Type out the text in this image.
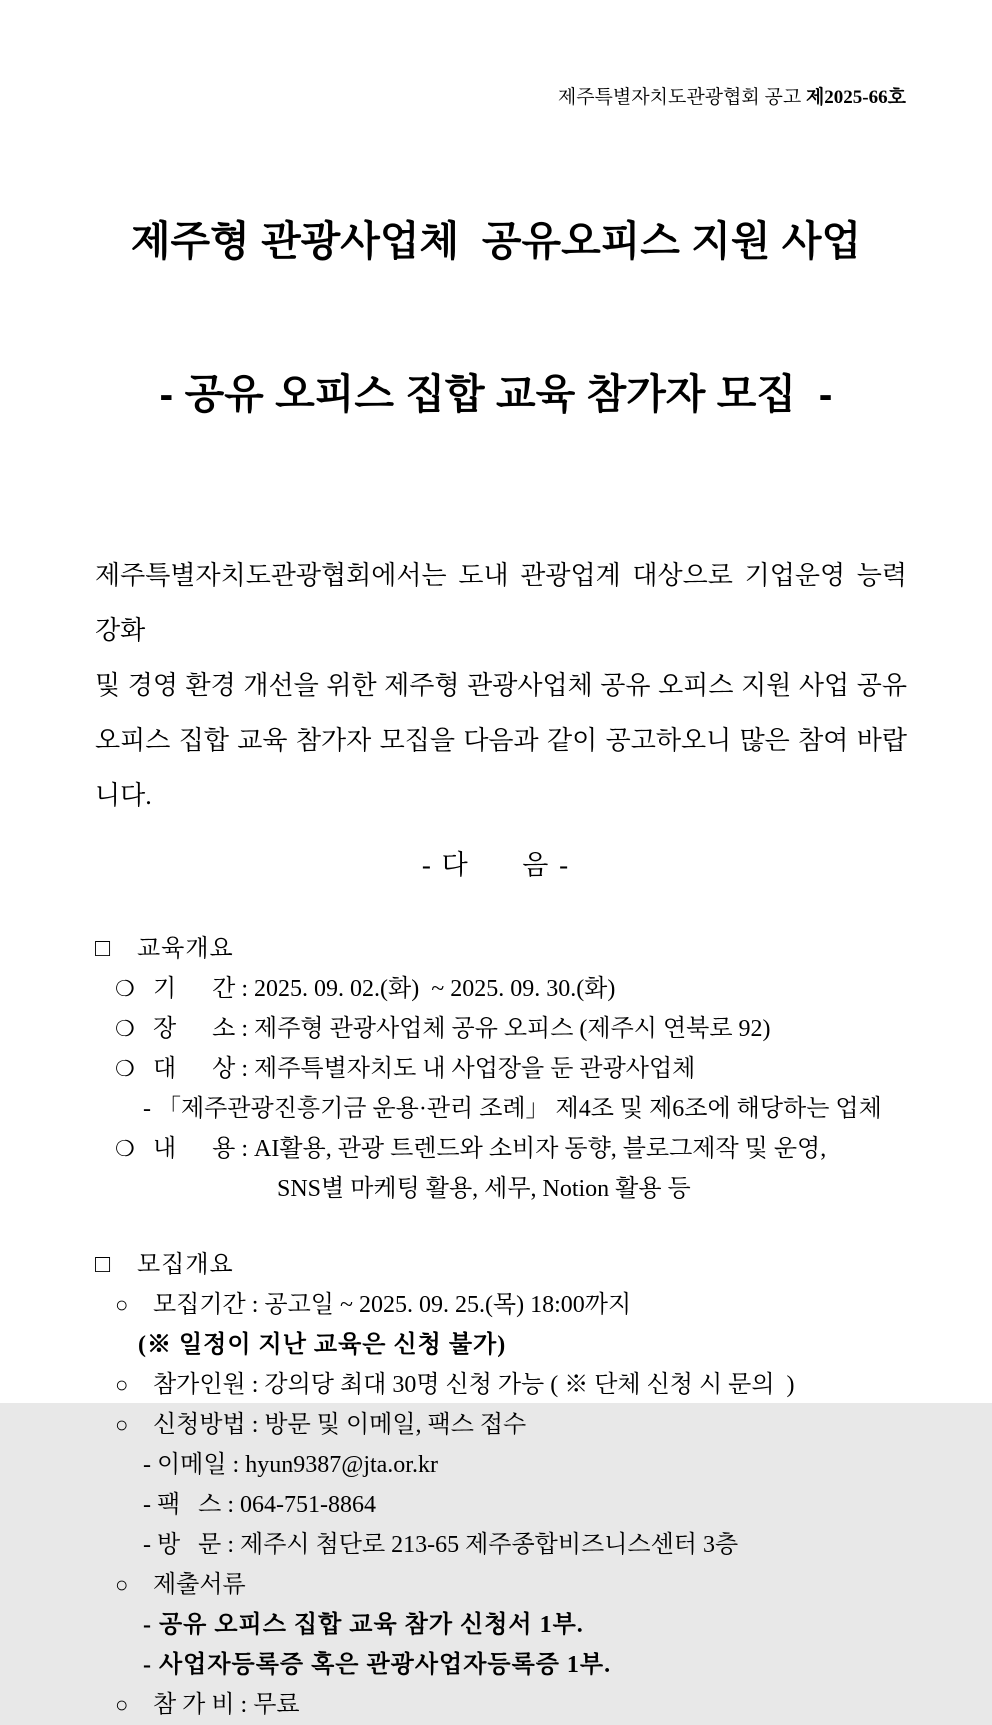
제주특별자치도관광협회 공고 제2025-66호

제주형 관광사업체  공유오피스 지원 사업

- 공유 오피스 집합 교육 참가자 모집  -

제주특별자치도관광협회에서는 도내 관광업계 대상으로 기업운영 능력 강화
및 경영 환경 개선을 위한 제주형 관광사업체 공유 오피스 지원 사업 공유
오피스 집합 교육 참가자 모집을 다음과 같이 공고하오니 많은 참여 바랍니다.
- 다      음 -
□	교육개요
❍ 기      간 : 2025. 09. 02.(화)  ~ 2025. 09. 30.(화)
❍ 장      소 : 제주형 관광사업체 공유 오피스 (제주시 연북로 92)
❍ 대      상 : 제주특별자치도 내 사업장을 둔 관광사업체
- 「제주관광진흥기금 운용·관리 조례」 제4조 및 제6조에 해당하는 업체
❍ 내      용 : AI활용, 관광 트렌드와 소비자 동향, 블로그제작 및 운영,
SNS별 마케팅 활용, 세무, Notion 활용 등
□	모집개요
○	모집기간 : 공고일 ~ 2025. 09. 25.(목) 18:00까지
(※ 일정이 지난 교육은 신청 불가)
○	참가인원 : 강의당 최대 30명 신청 가능 ( ※ 단체 신청 시 문의  )
○	신청방법 : 방문 및 이메일, 팩스 접수
- 이메일 : hyun9387@jta.or.kr
- 팩   스 : 064-751-8864
- 방   문 : 제주시 첨단로 213-65 제주종합비즈니스센터 3층
○	제출서류
- 공유 오피스 집합 교육 참가 신청서 1부.
- 사업자등록증 혹은 관광사업자등록증 1부.
○	참 가 비 : 무료
